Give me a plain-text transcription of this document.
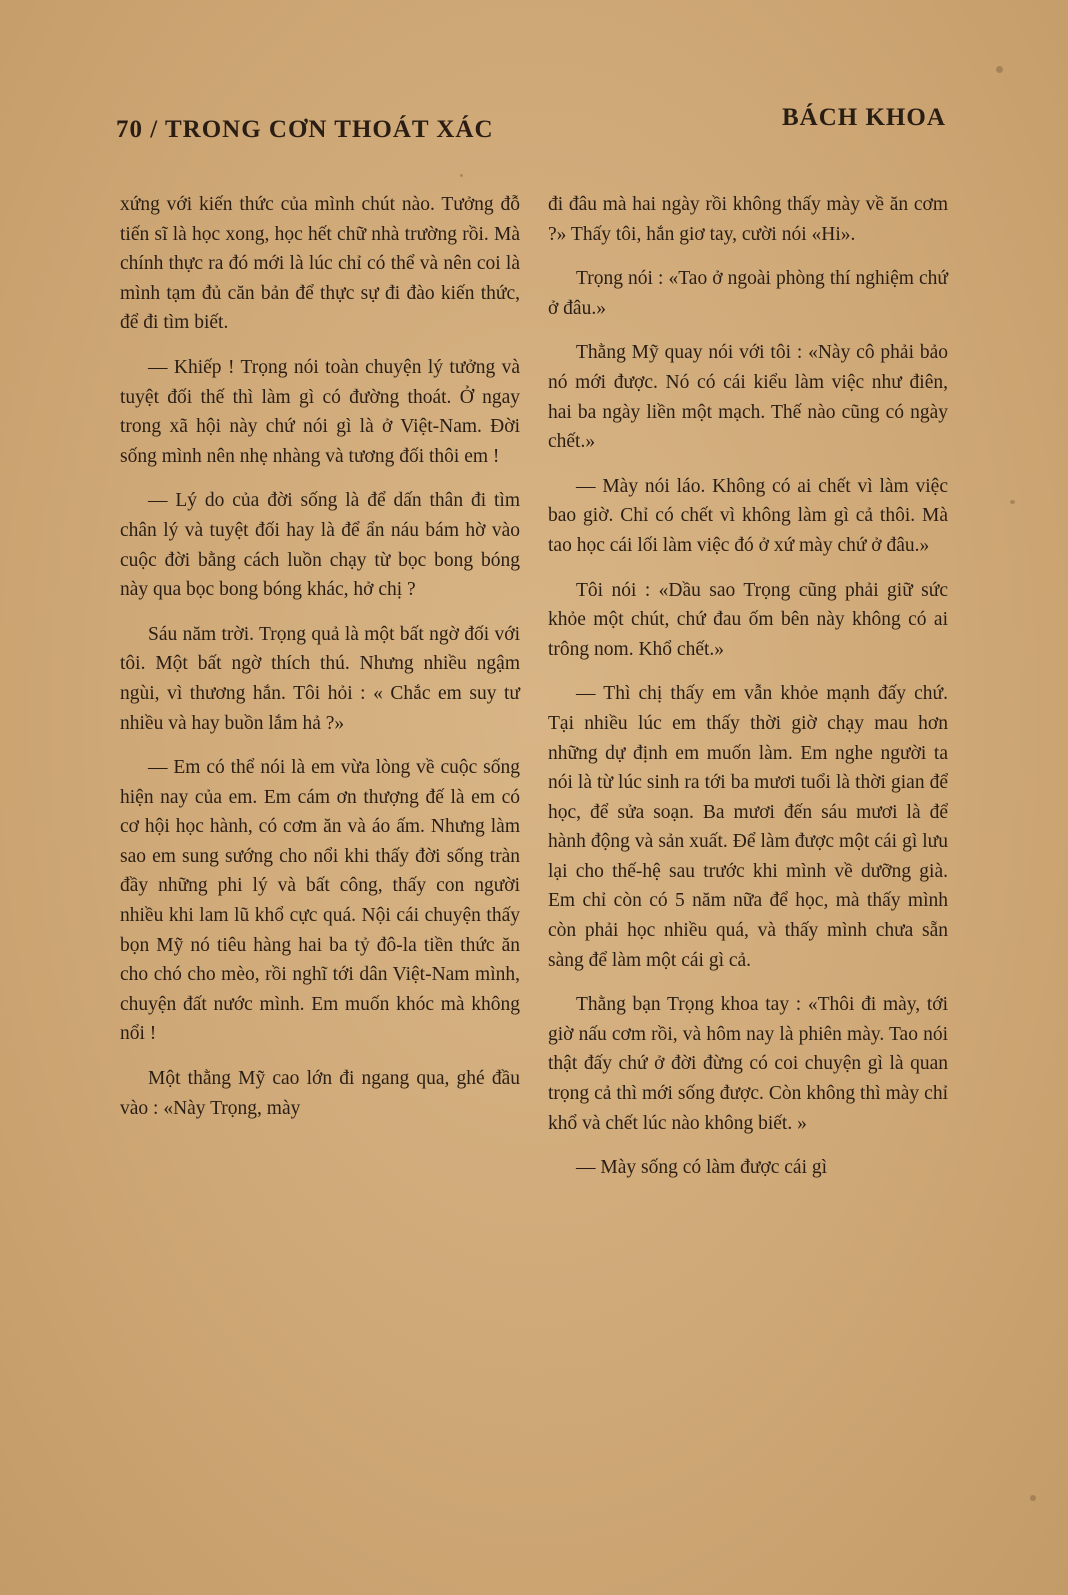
70 / TRONG CƠN THOÁT XÁC	BÁCH KHOA

xứng với kiến thức của mình chút nào. Tưởng đỗ tiến sĩ là học xong, học hết chữ nhà trường rồi. Mà chính thực ra đó mới là lúc chỉ có thể và nên coi là mình tạm đủ căn bản để thực sự đi đào kiến thức, để đi tìm biết.

— Khiếp ! Trọng nói toàn chuyện lý tưởng và tuyệt đối thế thì làm gì có đường thoát. Ở ngay trong xã hội này chứ nói gì là ở Việt-Nam. Đời sống mình nên nhẹ nhàng và tương đối thôi em !

— Lý do của đời sống là để dấn thân đi tìm chân lý và tuyệt đối hay là để ẩn náu bám hờ vào cuộc đời bằng cách luồn chạy từ bọc bong bóng này qua bọc bong bóng khác, hở chị ?

Sáu năm trời. Trọng quả là một bất ngờ đối với tôi. Một bất ngờ thích thú. Nhưng nhiều ngậm ngùi, vì thương hắn. Tôi hỏi : « Chắc em suy tư nhiều và hay buồn lắm hả ?»

— Em có thể nói là em vừa lòng về cuộc sống hiện nay của em. Em cám ơn thượng đế là em có cơ hội học hành, có cơm ăn và áo ấm. Nhưng làm sao em sung sướng cho nổi khi thấy đời sống tràn đầy những phi lý và bất công, thấy con người nhiều khi lam lũ khổ cực quá. Nội cái chuyện thấy bọn Mỹ nó tiêu hàng hai ba tỷ đô-la tiền thức ăn cho chó cho mèo, rồi nghĩ tới dân Việt-Nam mình, chuyện đất nước mình. Em muốn khóc mà không nổi !

Một thằng Mỹ cao lớn đi ngang qua, ghé đầu vào : «Này Trọng, mày

đi đâu mà hai ngày rồi không thấy mày về ăn cơm ?» Thấy tôi, hắn giơ tay, cười nói «Hi».

Trọng nói : «Tao ở ngoài phòng thí nghiệm chứ ở đâu.»

Thằng Mỹ quay nói với tôi : «Này cô phải bảo nó mới được. Nó có cái kiểu làm việc như điên, hai ba ngày liền một mạch. Thế nào cũng có ngày chết.»

— Mày nói láo. Không có ai chết vì làm việc bao giờ. Chỉ có chết vì không làm gì cả thôi. Mà tao học cái lối làm việc đó ở xứ mày chứ ở đâu.»

Tôi nói : «Dầu sao Trọng cũng phải giữ sức khỏe một chút, chứ đau ốm bên này không có ai trông nom. Khổ chết.»

— Thì chị thấy em vẫn khỏe mạnh đấy chứ. Tại nhiều lúc em thấy thời giờ chạy mau hơn những dự định em muốn làm. Em nghe người ta nói là từ lúc sinh ra tới ba mươi tuổi là thời gian để học, để sửa soạn. Ba mươi đến sáu mươi là để hành động và sản xuất. Để làm được một cái gì lưu lại cho thế-hệ sau trước khi mình về dưỡng già. Em chỉ còn có 5 năm nữa để học, mà thấy mình còn phải học nhiều quá, và thấy mình chưa sẵn sàng để làm một cái gì cả.

Thằng bạn Trọng khoa tay : «Thôi đi mày, tới giờ nấu cơm rồi, và hôm nay là phiên mày. Tao nói thật đấy chứ ở đời đừng có coi chuyện gì là quan trọng cả thì mới sống được. Còn không thì mày chỉ khổ và chết lúc nào không biết. »

— Mày sống có làm được cái gì
